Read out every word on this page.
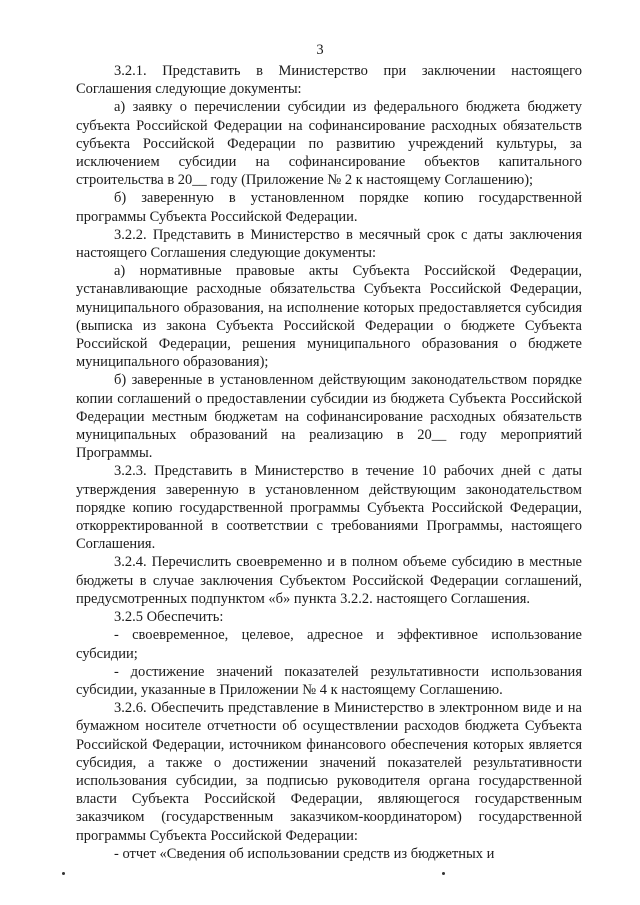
3

3.2.1. Представить в Министерство при заключении настоящего Соглашения следующие документы:

а) заявку о перечислении субсидии из федерального бюджета бюджету субъекта Российской Федерации на софинансирование расходных обязательств субъекта Российской Федерации по развитию учреждений культуры, за исключением субсидии на софинансирование объектов капитального строительства в 20__ году (Приложение № 2 к настоящему Соглашению);

б) заверенную в установленном порядке копию государственной программы Субъекта Российской Федерации.

3.2.2. Представить в Министерство в месячный срок с даты заключения настоящего Соглашения следующие документы:

а) нормативные правовые акты Субъекта Российской Федерации, устанавливающие расходные обязательства Субъекта Российской Федерации, муниципального образования, на исполнение которых предоставляется субсидия (выписка из закона Субъекта Российской Федерации о бюджете Субъекта Российской Федерации, решения муниципального образования о бюджете муниципального образования);

б) заверенные в установленном действующим законодательством порядке копии соглашений о предоставлении субсидии из бюджета Субъекта Российской Федерации местным бюджетам на софинансирование расходных обязательств муниципальных образований на реализацию в 20__ году мероприятий Программы.

3.2.3. Представить в Министерство в течение 10 рабочих дней с даты утверждения заверенную в установленном действующим законодательством порядке копию государственной программы Субъекта Российской Федерации, откорректированной в соответствии с требованиями Программы, настоящего Соглашения.

3.2.4. Перечислить своевременно и в полном объеме субсидию в местные бюджеты в случае заключения Субъектом Российской Федерации соглашений, предусмотренных подпунктом «б» пункта 3.2.2. настоящего Соглашения.

3.2.5 Обеспечить:

- своевременное, целевое, адресное и эффективное использование субсидии;

- достижение значений показателей результативности использования субсидии, указанные в Приложении № 4 к настоящему Соглашению.

3.2.6. Обеспечить представление в Министерство в электронном виде и на бумажном носителе отчетности об осуществлении расходов бюджета Субъекта Российской Федерации, источником финансового обеспечения которых является субсидия, а также о достижении значений показателей результативности использования субсидии, за подписью руководителя органа государственной власти Субъекта Российской Федерации, являющегося государственным заказчиком (государственным заказчиком-координатором) государственной программы Субъекта Российской Федерации:

- отчет «Сведения об использовании средств из бюджетных и
